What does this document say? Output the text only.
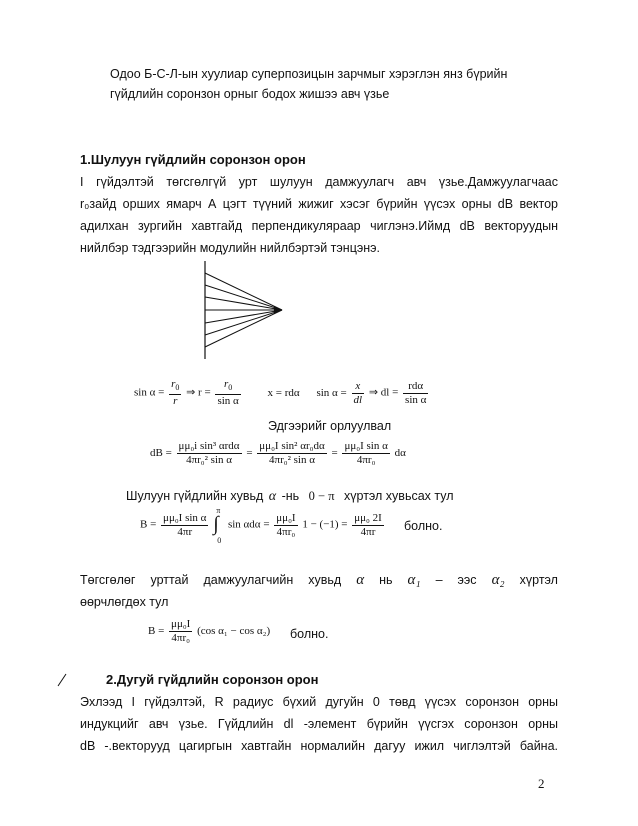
Одоо Б-С-Л-ын хуулиар суперпозицын зарчмыг хэрэглэн янз бүрийн
гүйдлийн соронзон орныг бодох жишээ авч үзье
1.Шулуун гүйдлийн соронзон орон
I гүйдэлтэй төгсгөлгүй урт шулуун дамжуулагч авч үзье.Дамжуулагчаас
r₀зайд орших ямарч А цэгт түүний жижиг хэсэг бүрийн үүсэх орны dB вектор
адилхан зургийн хавтгайд перпендикуляраар чиглэнэ.Иймд dB векторуудын
нийлбэр тэдгээрийн модулийн нийлбэртэй тэнцэнэ.
$\sin \alpha = \frac{r_0}{r}$ ⇒ $r = \frac{r_0}{\text{sin α}}$ x = rdα $\sin \alpha = \frac{x}{dl}$ ⇒ dl = $\frac{\text{rdα}}{\text{sin α}}$
Эдгээрийг орлуулвал
dB = $\frac{\text{μμ₀i sin³ αrdα}}{\text{4πr₀² sin α}} = \frac{\text{μμ₀I sin² αr₀dα}}{\text{4πr₀² sin α}} = \frac{\text{μμ₀I sin α}}{\text{4πr₀}}$ dα
Шулуун гүйдлийн хувьд α -нь 0 − π хүртэл хувьсах тул
$B = \frac{\text{μμ₀I sin α}}{4\pi r}$

π
∫
0
$\sin \alpha d\alpha = \frac{\text{μμ₀I}}{\text{4πr₀}} 1 - (-1) = \frac{\text{μμ₀ 2I}}{4\pi r}$ болно.
Төгсгөлөг урттай дамжуулагчийн хувьд α нь α₁ – ээс α₂ хүртэл
өөрчлөгдөх тул
$B = \frac{\text{μμ₀I}}{\text{4πr₀}} (\cos$ α₁ − cos α₂) болно.
2.Дугуй гүйдлийн соронзон орон
Эхлээд I гүйдэлтэй, R радиус бүхий дугуйн 0 төвд үүсэх соронзон орны
индукцийг авч үзье. Гүйдлийн dl -элемент бүрийн үүсгэх соронзон орны
dB -.векторууд цагиргын хавтгайн нормалийн дагуу ижил чиглэлтэй байна.
2
